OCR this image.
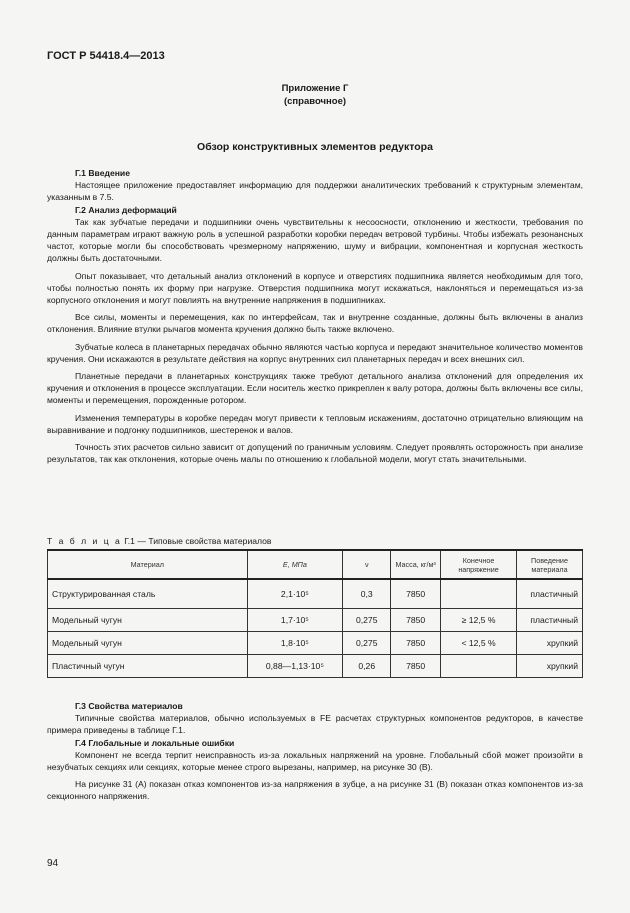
ГОСТ Р 54418.4—2013
Приложение Г
(справочное)
Обзор конструктивных элементов редуктора

Г.1 Введение

Настоящее приложение предоставляет информацию для поддержки аналитических требований к структурным элементам, указанным в 7.5.

Г.2 Анализ деформаций

Так как зубчатые передачи и подшипники очень чувствительны к несоосности, отклонению и жесткости, требования по данным параметрам играют важную роль в успешной разработки коробки передач ветровой турбины. Чтобы избежать резонансных частот, которые могли бы способствовать чрезмерному напряжению, шуму и вибрации, компонентная и корпусная жесткость должны быть достаточными.

Опыт показывает, что детальный анализ отклонений в корпусе и отверстиях подшипника является необходимым для того, чтобы полностью понять их форму при нагрузке. Отверстия подшипника могут искажаться, наклоняться и перемещаться из-за корпусного отклонения и могут повлиять на внутренние напряжения в подшипниках.

Все силы, моменты и перемещения, как по интерфейсам, так и внутренне созданные, должны быть включены в анализ отклонения. Влияние втулки рычагов момента кручения должно быть также включено.

Зубчатые колеса в планетарных передачах обычно являются частью корпуса и передают значительное количество моментов кручения. Они искажаются в результате действия на корпус внутренних сил планетарных передач и всех внешних сил.

Планетные передачи в планетарных конструкциях также требуют детального анализа отклонений для определения их кручения и отклонения в процессе эксплуатации. Если носитель жестко прикреплен к валу ротора, должны быть включены все силы, моменты и перемещения, порожденные ротором.

Изменения температуры в коробке передач могут привести к тепловым искажениям, достаточно отрицательно влияющим на выравнивание и подгонку подшипников, шестеренок и валов.

Точность этих расчетов сильно зависит от допущений по граничным условиям. Следует проявлять осторожность при анализе результатов, так как отклонения, которые очень малы по отношению к глобальной модели, могут стать значительными.

Т а б л и ц а Г.1 — Типовые свойства материалов
Материал	E, МПа	ν	Масса, кг/м³	Конечное напряжение	Поведение материала
Структурированная сталь	2,1·10⁵	0,3	7850		пластичный
Модельный чугун	1,7·10⁵	0,275	7850	≥ 12,5 %	пластичный
Модельный чугун	1,8·10⁵	0,275	7850	< 12,5 %	хрупкий
Пластичный чугун	0,88—1,13·10⁵	0,26	7850		хрупкий

Г.3 Свойства материалов

Типичные свойства материалов, обычно используемых в FE расчетах структурных компонентов редукторов, в качестве примера приведены в таблице Г.1.

Г.4 Глобальные и локальные ошибки

Компонент не всегда терпит неисправность из-за локальных напряжений на уровне. Глобальный сбой может произойти в незубчатых секциях или секциях, которые менее строго вырезаны, например, на рисунке 30 (В).

На рисунке 31 (А) показан отказ компонентов из-за напряжения в зубце, а на рисунке 31 (В) показан отказ компонентов из-за секционного напряжения.

94
